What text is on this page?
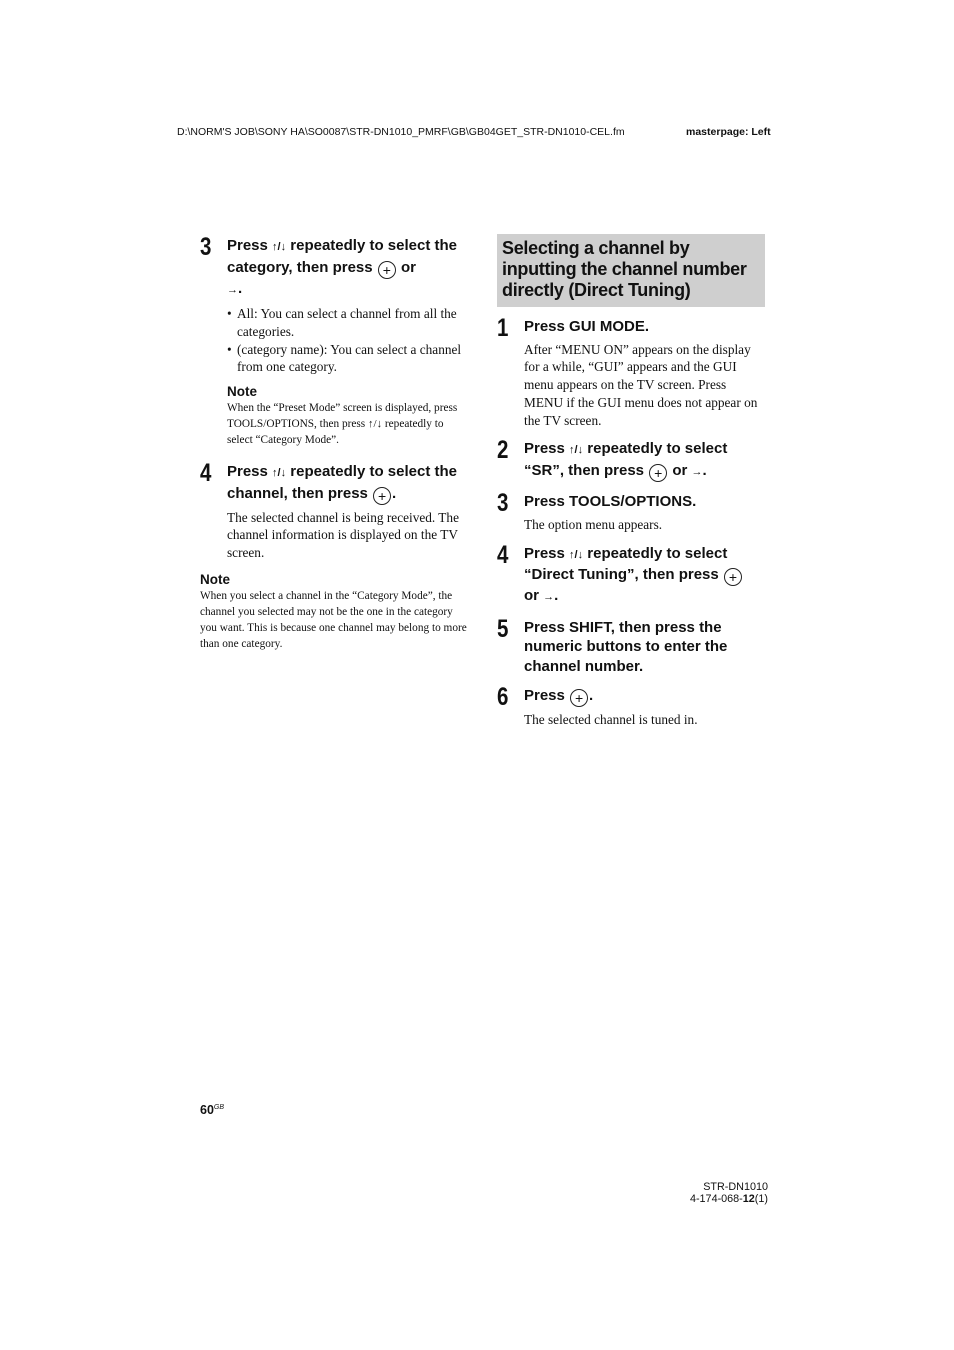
D:\NORM'S JOB\SONY HA\SO0087\STR-DN1010_PMRF\GB\GB04GET_STR-DN1010-CEL.fm	masterpage: Left
3 Press ↑/↓ repeatedly to select the category, then press + or
→.
• All: You can select a channel from all the categories.
• (category name): You can select a channel from one category.
Note
When the “Preset Mode” screen is displayed, press TOOLS/OPTIONS, then press ↑/↓ repeatedly to select “Category Mode”.
4 Press ↑/↓ repeatedly to select the channel, then press + .
The selected channel is being received. The channel information is displayed on the TV screen.
Note
When you select a channel in the “Category Mode”, the channel you selected may not be the one in the category you want. This is because one channel may belong to more than one category.
Selecting a channel by inputting the channel number directly (Direct Tuning)
1 Press GUI MODE.
After “MENU ON” appears on the display for a while, “GUI” appears and the GUI menu appears on the TV screen. Press MENU if the GUI menu does not appear on the TV screen.
2 Press ↑/↓ repeatedly to select “SR”, then press + or →.
3 Press TOOLS/OPTIONS.
The option menu appears.
4 Press ↑/↓ repeatedly to select “Direct Tuning”, then press +
or →.
5 Press SHIFT, then press the numeric buttons to enter the channel number.
6 Press + .
The selected channel is tuned in.
$60^{GB}$
STR-DN1010
4-174-068-12(1)
